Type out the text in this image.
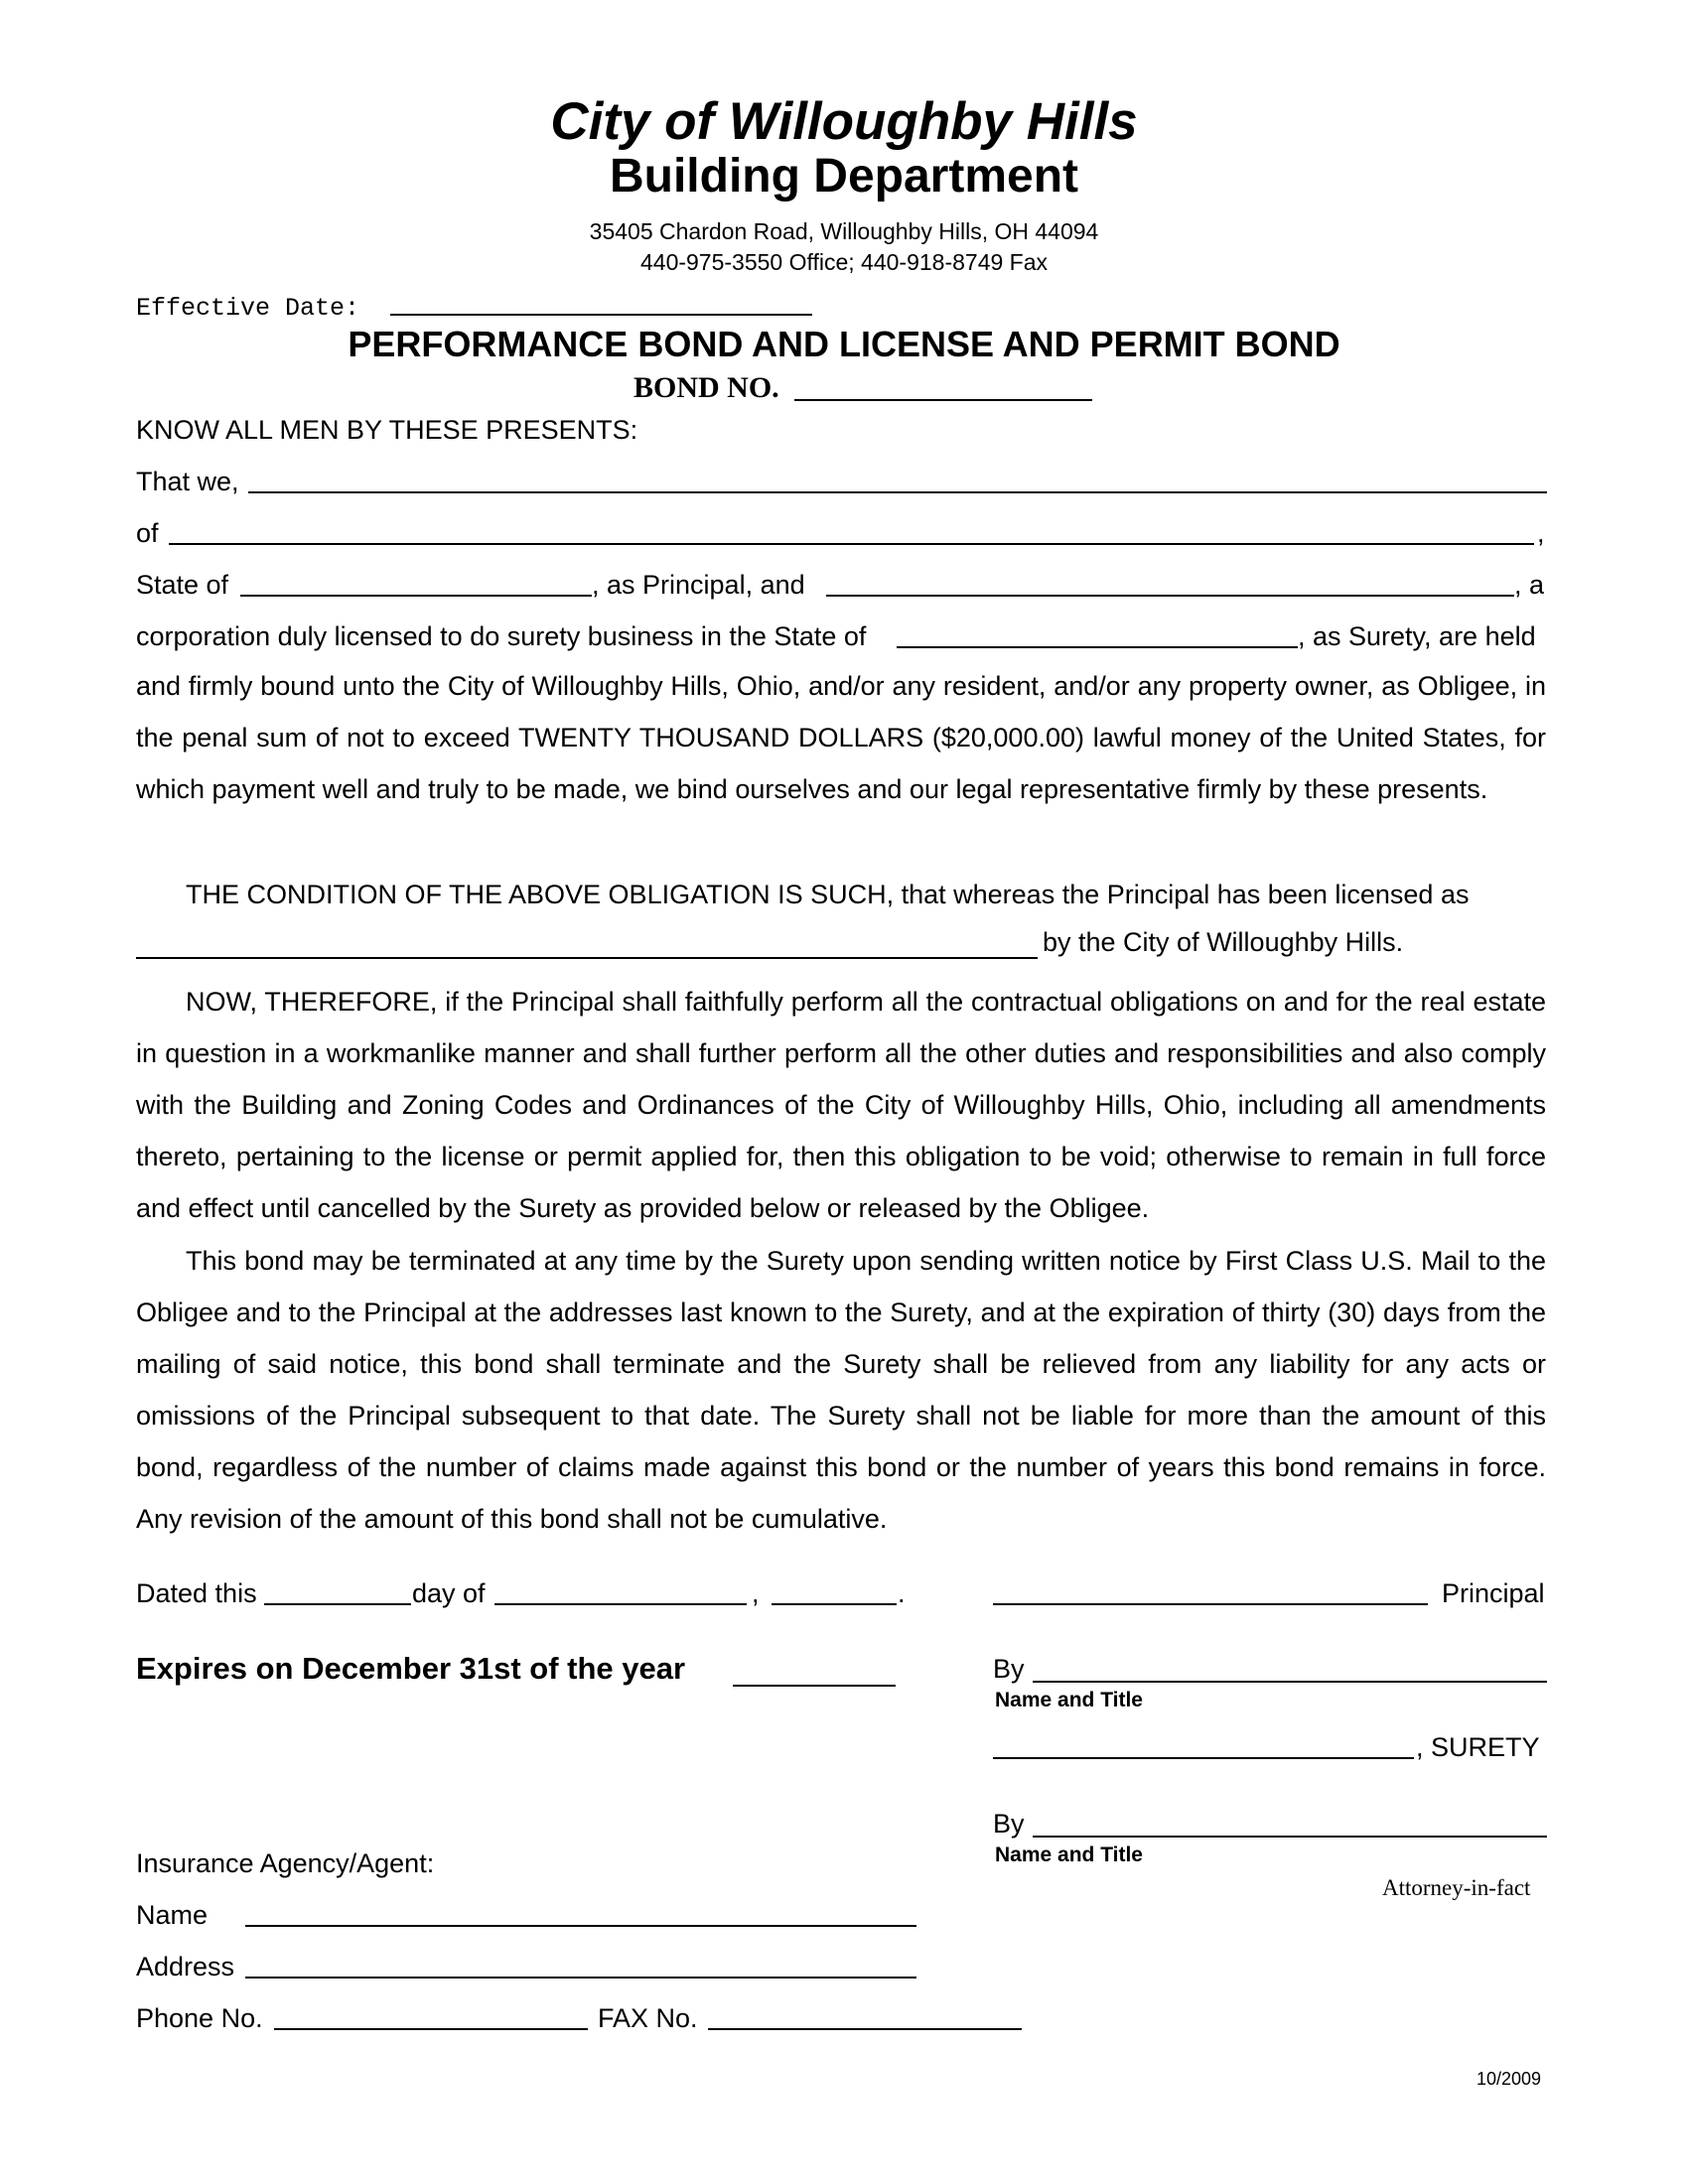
City of Willoughby Hills
Building Department
35405 Chardon Road, Willoughby Hills, OH 44094
440-975-3550 Office; 440-918-8749 Fax
Effective Date:
PERFORMANCE BOND AND LICENSE AND PERMIT BOND
BOND NO.
KNOW ALL MEN BY THESE PRESENTS:
That we,
of	,
State of	, as Principal, and	, a
corporation duly licensed to do surety business in the State of	, as Surety, are held
and firmly bound unto the City of Willoughby Hills, Ohio, and/or any resident, and/or any property owner, as Obligee, in the penal sum of not to exceed TWENTY THOUSAND DOLLARS ($20,000.00) lawful money of the United States, for which payment well and truly to be made, we bind ourselves and our legal representative firmly by these presents.
THE CONDITION OF THE ABOVE OBLIGATION IS SUCH, that whereas the Principal has been licensed as
by the City of Willoughby Hills.
NOW, THEREFORE, if the Principal shall faithfully perform all the contractual obligations on and for the real estate in question in a workmanlike manner and shall further perform all the other duties and responsibilities and also comply with the Building and Zoning Codes and Ordinances of the City of Willoughby Hills, Ohio, including all amendments thereto, pertaining to the license or permit applied for, then this obligation to be void; otherwise to remain in full force and effect until cancelled by the Surety as provided below or released by the Obligee.
This bond may be terminated at any time by the Surety upon sending written notice by First Class U.S. Mail to the Obligee and to the Principal at the addresses last known to the Surety, and at the expiration of thirty (30) days from the mailing of said notice, this bond shall terminate and the Surety shall be relieved from any liability for any acts or omissions of the Principal subsequent to that date. The Surety shall not be liable for more than the amount of this bond, regardless of the number of claims made against this bond or the number of years this bond remains in force. Any revision of the amount of this bond shall not be cumulative.
Dated this	day of	,	.	Principal
Expires on December 31st of the year	By
Name and Title
, SURETY
By
Name and Title
Attorney-in-fact
Insurance Agency/Agent:
Name
Address
Phone No.	FAX No.
10/2009
